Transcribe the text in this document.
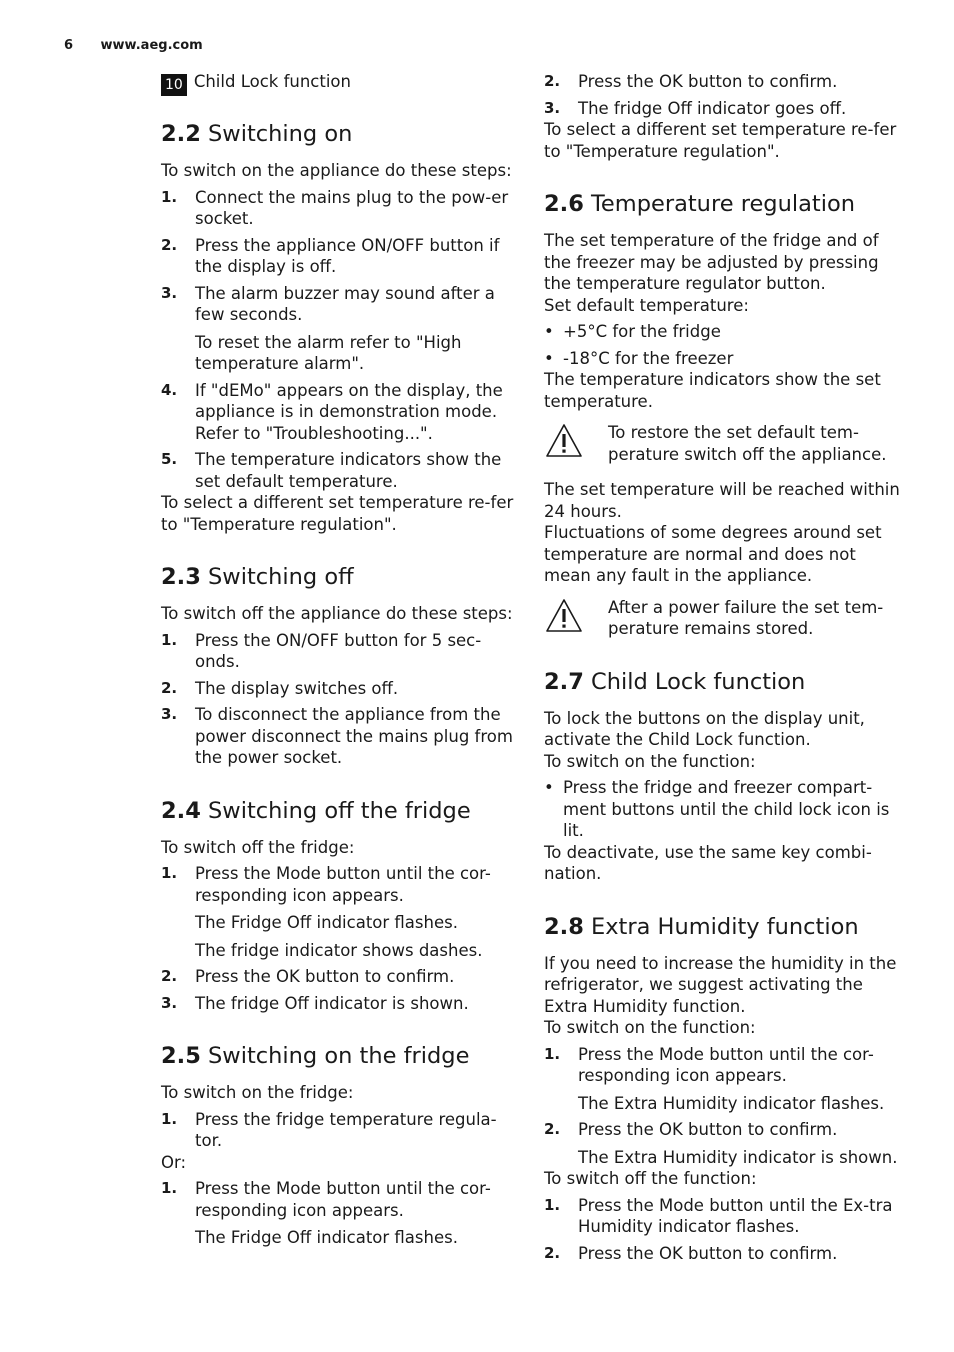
6 www.aeg.com
10 Child Lock function
2.2 Switching on

To switch on the appliance do these steps:

1.	Connect the mains plug to the pow-er socket.
2.	Press the appliance ON/OFF button if the display is off.
3.	The alarm buzzer may sound after a few seconds.
To reset the alarm refer to "High temperature alarm".
4.	If "dEMo" appears on the display, the appliance is in demonstration mode. Refer to "Troubleshooting...".
5.	The temperature indicators show the set default temperature.

To select a different set temperature re-fer to "Temperature regulation".

2.3 Switching off

To switch off the appliance do these steps:

1.	Press the ON/OFF button for 5 sec-onds.
2.	The display switches off.
3.	To disconnect the appliance from the power disconnect the mains plug from the power socket.
2.4 Switching off the fridge

To switch off the fridge:

1.	Press the Mode button until the cor-responding icon appears.
The Fridge Off indicator flashes.
The fridge indicator shows dashes.
2.	Press the OK button to confirm.
3.	The fridge Off indicator is shown.
2.5 Switching on the fridge

To switch on the fridge:

1.	Press the fridge temperature regula-tor.

Or:

1.	Press the Mode button until the cor-responding icon appears.
The Fridge Off indicator flashes.
2.	Press the OK button to confirm.
3.	The fridge Off indicator goes off.

To select a different set temperature re-fer to "Temperature regulation".

2.6 Temperature regulation

The set temperature of the fridge and of the freezer may be adjusted by pressing the temperature regulator button.

Set default temperature:

• +5°C for the fridge
• -18°C for the freezer

The temperature indicators show the set temperature.

To restore the set default tem-perature switch off the appliance.

The set temperature will be reached within 24 hours.

Fluctuations of some degrees around set temperature are normal and does not mean any fault in the appliance.

After a power failure the set tem-perature remains stored.
2.7 Child Lock function

To lock the buttons on the display unit, activate the Child Lock function.

To switch on the function:

• Press the fridge and freezer compart-ment buttons until the child lock icon is lit.

To deactivate, use the same key combi-nation.

2.8 Extra Humidity function

If you need to increase the humidity in the refrigerator, we suggest activating the Extra Humidity function.

To switch on the function:

1.	Press the Mode button until the cor-responding icon appears.
The Extra Humidity indicator flashes.
2.	Press the OK button to confirm.
The Extra Humidity indicator is shown.

To switch off the function:

1.	Press the Mode button until the Ex-tra Humidity indicator flashes.
2.	Press the OK button to confirm.
